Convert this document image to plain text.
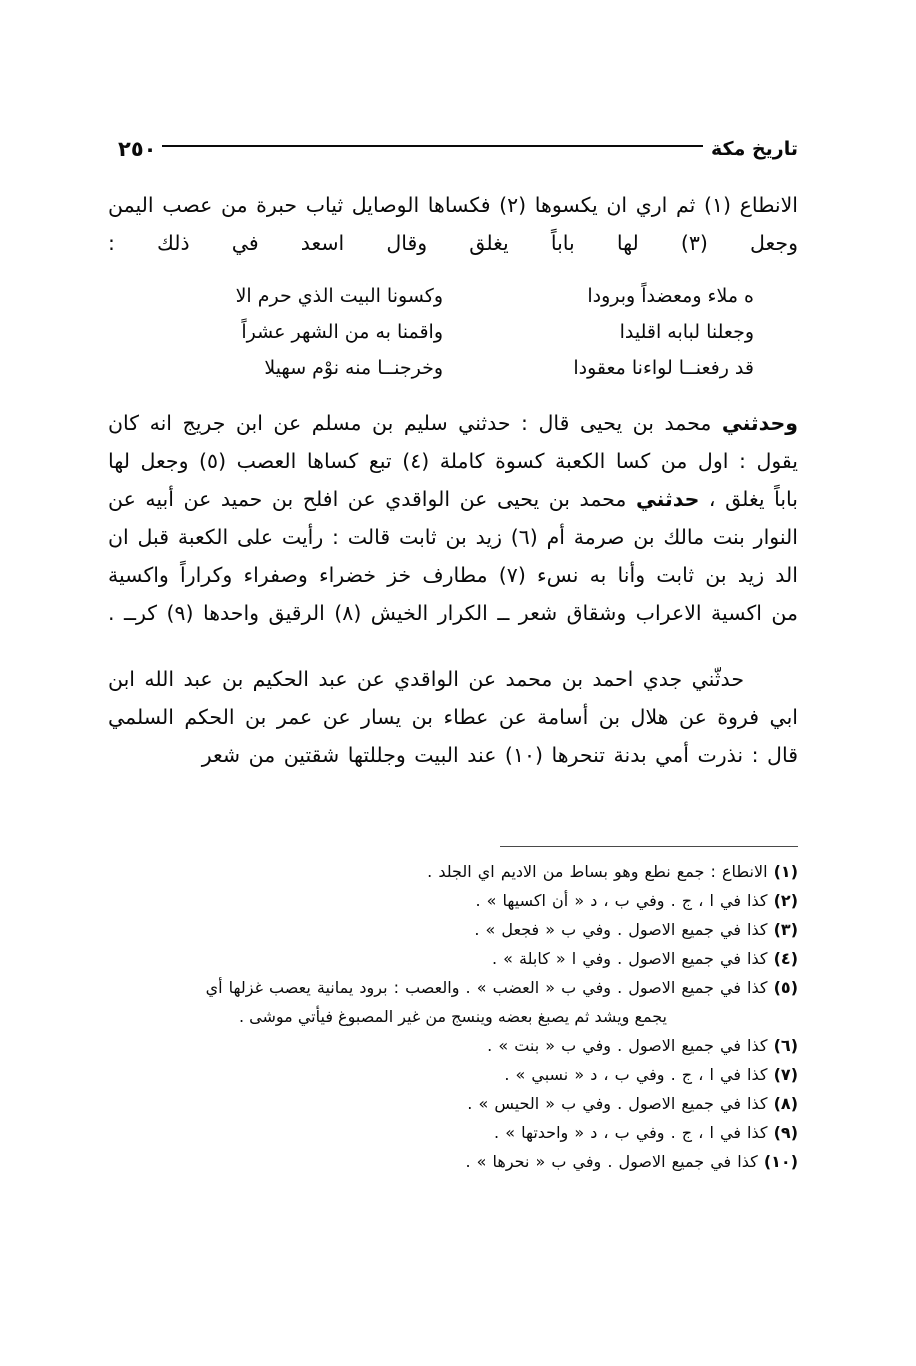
تاريخ مكة
٢٥٠

الانطاع (١) ثم اري ان يكسوها (٢) فكساها الوصايل ثياب حبرة من عصب اليمن وجعل (٣) لها باباً يغلق وقال اسعد في ذلك :

ه ملاء ومعضداً وبرودا
وكسونا البيت الذي حرم الا
وجعلنا لبابه اقليدا
واقمنا به من الشهر عشراً
قد رفعنــا لواءنا معقودا
وخرجنــا منه نوْم سهيلا

وحدثني محمد بن يحيى قال : حدثني سليم بن مسلم عن ابن جريج انه كان يقول : اول من كسا الكعبة كسوة كاملة (٤) تبع كساها العصب (٥) وجعل لها باباً يغلق ، حدثني محمد بن يحيى عن الواقدي عن افلح بن حميد عن أبيه عن النوار بنت مالك بن صرمة أم (٦) زيد بن ثابت قالت : رأيت على الكعبة قبل ان الد زيد بن ثابت وأنا به نسء (٧) مطارف خز خضراء وصفراء وكراراً واكسية من اكسية الاعراب وشقاق شعر ــ الكرار الخيش (٨) الرقيق واحدها (٩) كرــ .

حدثّني جدي احمد بن محمد عن الواقدي عن عبد الحكيم بن عبد الله ابن ابي فروة عن هلال بن أسامة عن عطاء بن يسار عن عمر بن الحكم السلمي قال : نذرت أمي بدنة تنحرها (١٠) عند البيت وجللتها شقتين من شعر

(١) الانطاع : جمع نطع وهو بساط من الاديم اي الجلد .
(٢) كذا في ا ، ج . وفي ب ، د « أن اكسيها » .
(٣) كذا في جميع الاصول . وفي ب « فجعل » .
(٤) كذا في جميع الاصول . وفي ا « كابلة » .
(٥) كذا في جميع الاصول . وفي ب « العضب » . والعصب : برود يمانية يعصب غزلها أي
يجمع ويشد ثم يصبغ بعضه وينسج من غير المصبوغ فيأتي موشى .
(٦) كذا في جميع الاصول . وفي ب « بنت » .
(٧) كذا في ا ، ج . وفي ب ، د « نسبي » .
(٨) كذا في جميع الاصول . وفي ب « الحيس » .
(٩) كذا في ا ، ج . وفي ب ، د « واحدتها » .
(١٠) كذا في جميع الاصول . وفي ب « نحرها » .
